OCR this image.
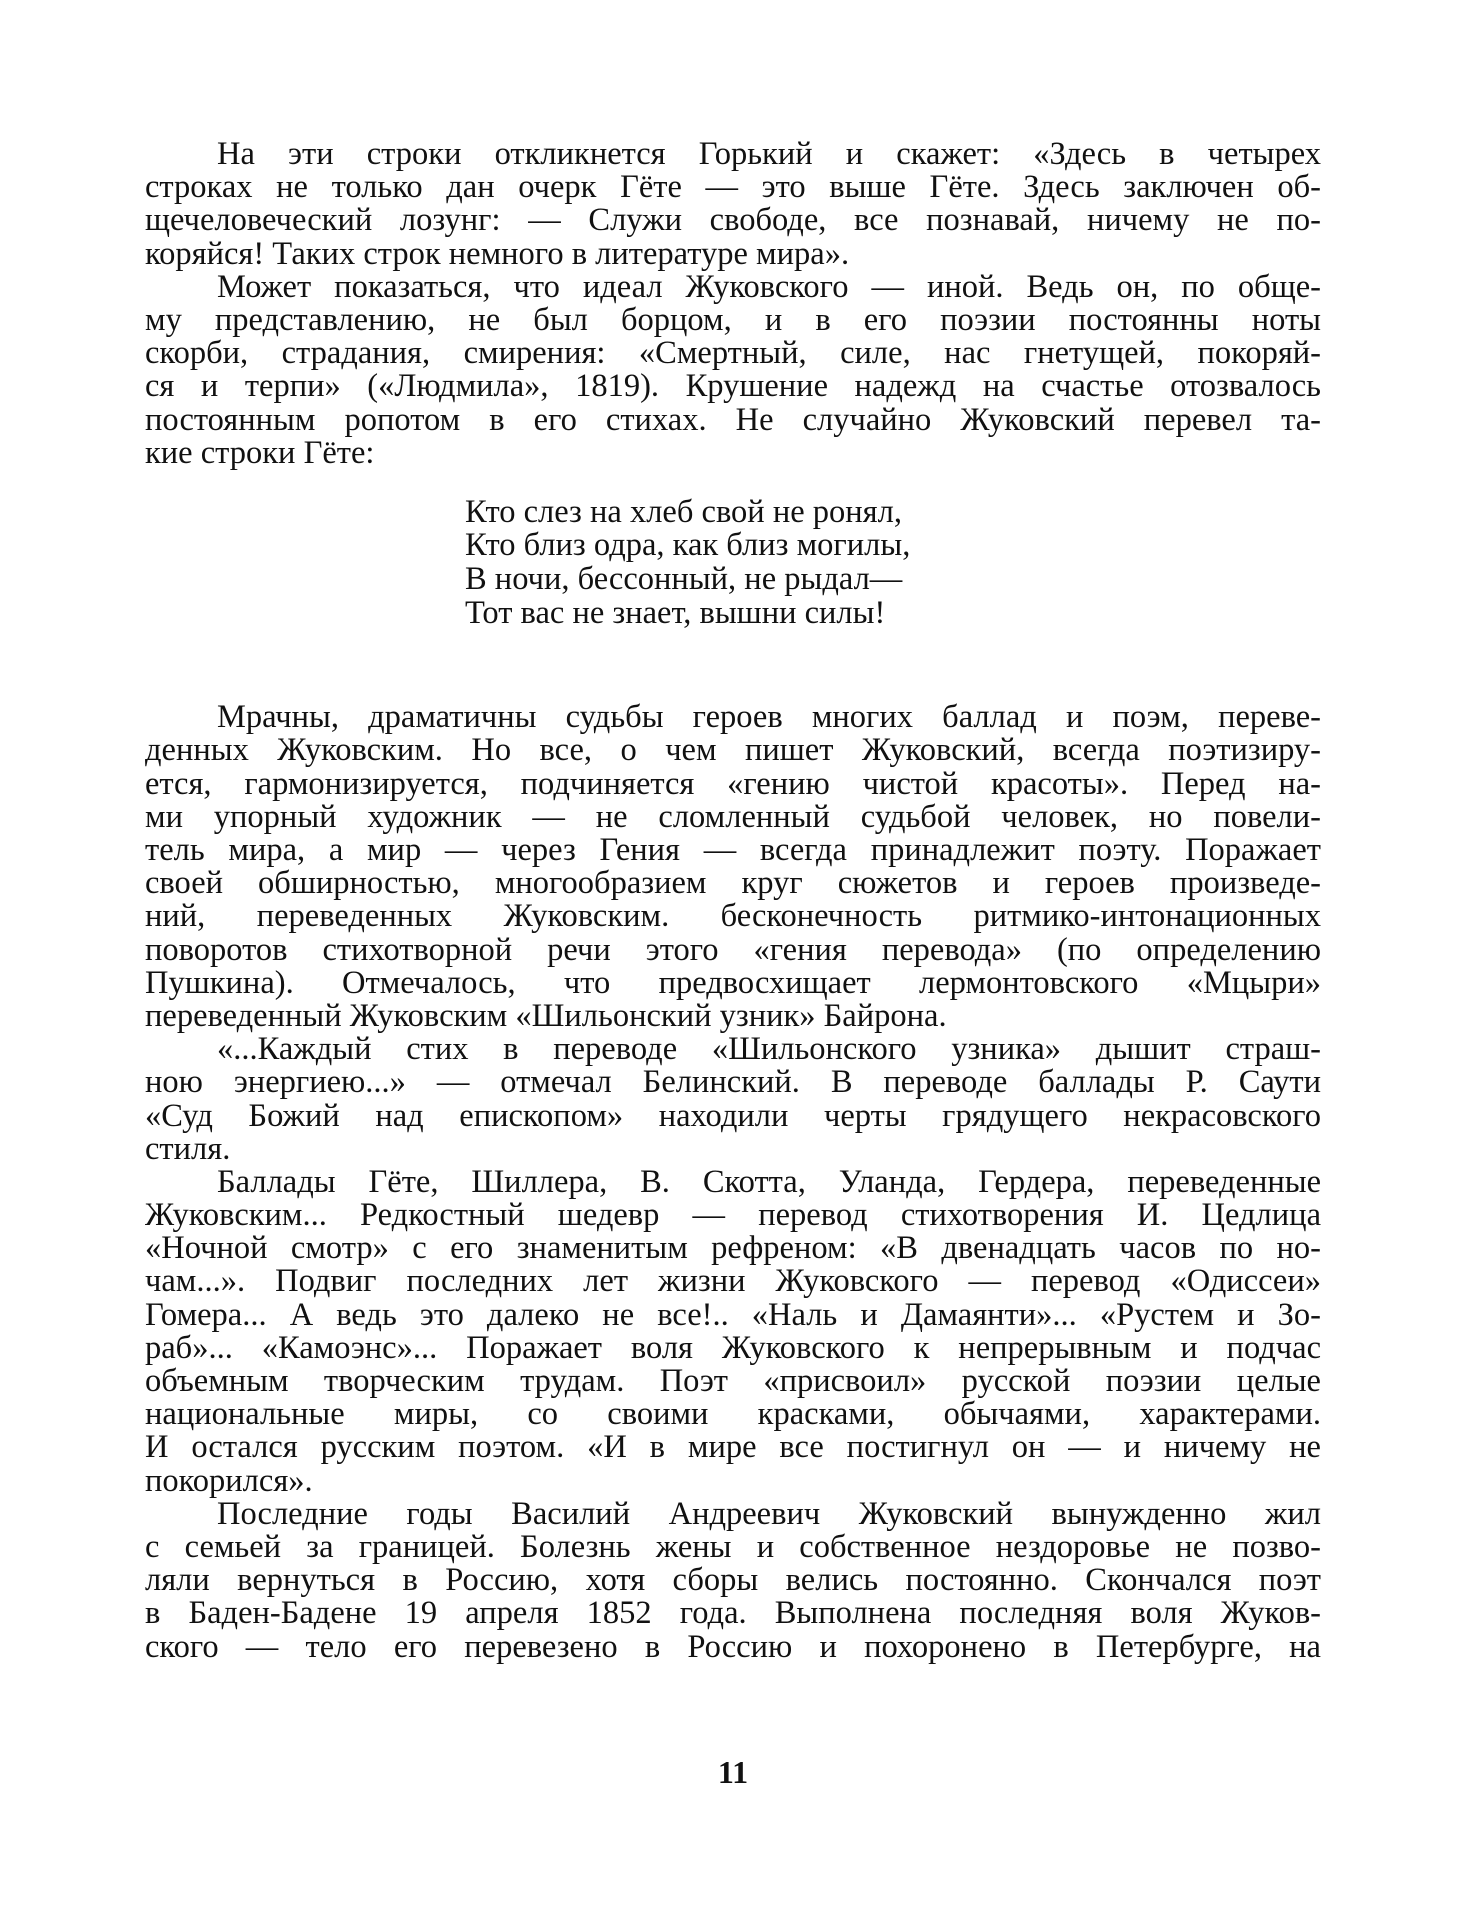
На эти строки откликнется Горький и скажет: «Здесь в четырех
строках не только дан очерк Гёте — это выше Гёте. Здесь заключен об-
щечеловеческий лозунг: — Служи свободе, все познавай, ничему не по-
коряйся! Таких строк немного в литературе мира».
Может показаться, что идеал Жуковского — иной. Ведь он, по обще-
му представлению, не был борцом, и в его поэзии постоянны ноты
скорби, страдания, смирения: «Смертный, силе, нас гнетущей, покоряй-
ся и терпи» («Людмила», 1819). Крушение надежд на счастье отозвалось
постоянным ропотом в его стихах. Не случайно Жуковский перевел та-
кие строки Гёте:
Кто слез на хлеб свой не ронял,
Кто близ одра, как близ могилы,
В ночи, бессонный, не рыдал—
Тот вас не знает, вышни силы!
Мрачны, драматичны судьбы героев многих баллад и поэм, переве-
денных Жуковским. Но все, о чем пишет Жуковский, всегда поэтизиру-
ется, гармонизируется, подчиняется «гению чистой красоты». Перед на-
ми упорный художник — не сломленный судьбой человек, но повели-
тель мира, а мир — через Гения — всегда принадлежит поэту. Поражает
своей обширностью, многообразием круг сюжетов и героев произведе-
ний, переведенных Жуковским. бесконечность ритмико-интонационных
поворотов стихотворной речи этого «гения перевода» (по определению
Пушкина). Отмечалось, что предвосхищает лермонтовского «Мцыри»
переведенный Жуковским «Шильонский узник» Байрона.
«...Каждый стих в переводе «Шильонского узника» дышит страш-
ною энергиею...» — отмечал Белинский. В переводе баллады Р. Саути
«Суд Божий над епископом» находили черты грядущего некрасовского
стиля.
Баллады Гёте, Шиллера, В. Скотта, Уланда, Гердера, переведенные
Жуковским... Редкостный шедевр — перевод стихотворения И. Цедлица
«Ночной смотр» с его знаменитым рефреном: «В двенадцать часов по но-
чам...». Подвиг последних лет жизни Жуковского — перевод «Одиссеи»
Гомера... А ведь это далеко не все!.. «Наль и Дамаянти»... «Рустем и Зо-
раб»... «Камоэнс»... Поражает воля Жуковского к непрерывным и подчас
объемным творческим трудам. Поэт «присвоил» русской поэзии целые
национальные миры, со своими красками, обычаями, характерами.
И остался русским поэтом. «И в мире все постигнул он — и ничему не
покорился».
Последние годы Василий Андреевич Жуковский вынужденно жил
с семьей за границей. Болезнь жены и собственное нездоровье не позво-
ляли вернуться в Россию, хотя сборы велись постоянно. Скончался поэт
в Баден-Бадене 19 апреля 1852 года. Выполнена последняя воля Жуков-
ского — тело его перевезено в Россию и похоронено в Петербурге, на
11
